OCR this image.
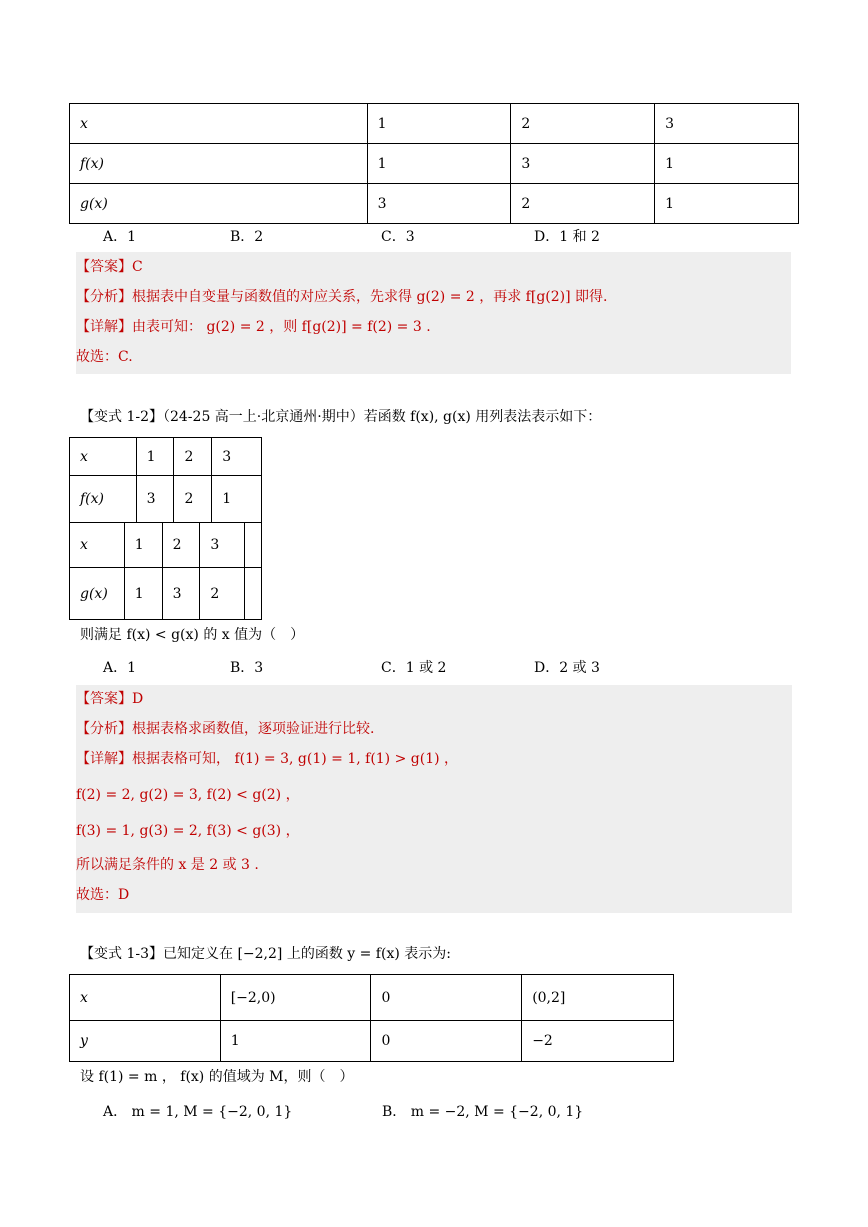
x	1	2	3
f(x)	1	3	1
g(x)	3	2	1
A．1	B．2	C．3	D．1 和 2
【答案】C
【分析】根据表中自变量与函数值的对应关系，先求得 g(2) = 2 ，再求 f[g(2)] 即得.
【详解】由表可知： g(2) = 2 ，则 f[g(2)] = f(2) = 3 .
故选：C.
【变式 1-2】（24-25 高一上·北京通州·期中）若函数 f(x), g(x) 用列表法表示如下：
x	1	2	3
f(x)	3	2	1
x	1	2	3	
g(x)	1	3	2	
则满足 f(x) < g(x) 的 x 值为（　）
A．1	B．3	C．1 或 2	D．2 或 3
【答案】D
【分析】根据表格求函数值，逐项验证进行比较.
【详解】根据表格可知， f(1) = 3, g(1) = 1, f(1) > g(1) ，
f(2) = 2, g(2) = 3, f(2) < g(2) ，
f(3) = 1, g(3) = 2, f(3) < g(3) ，
所以满足条件的 x 是 2 或 3 .
故选：D
【变式 1-3】已知定义在 [−2,2] 上的函数 y = f(x) 表示为:
x	[−2,0)	0	(0,2]
y	1	0	−2
设 f(1) = m ， f(x) 的值域为 M，则（　）
A． m = 1, M = {−2, 0, 1}	B． m = −2, M = {−2, 0, 1}
